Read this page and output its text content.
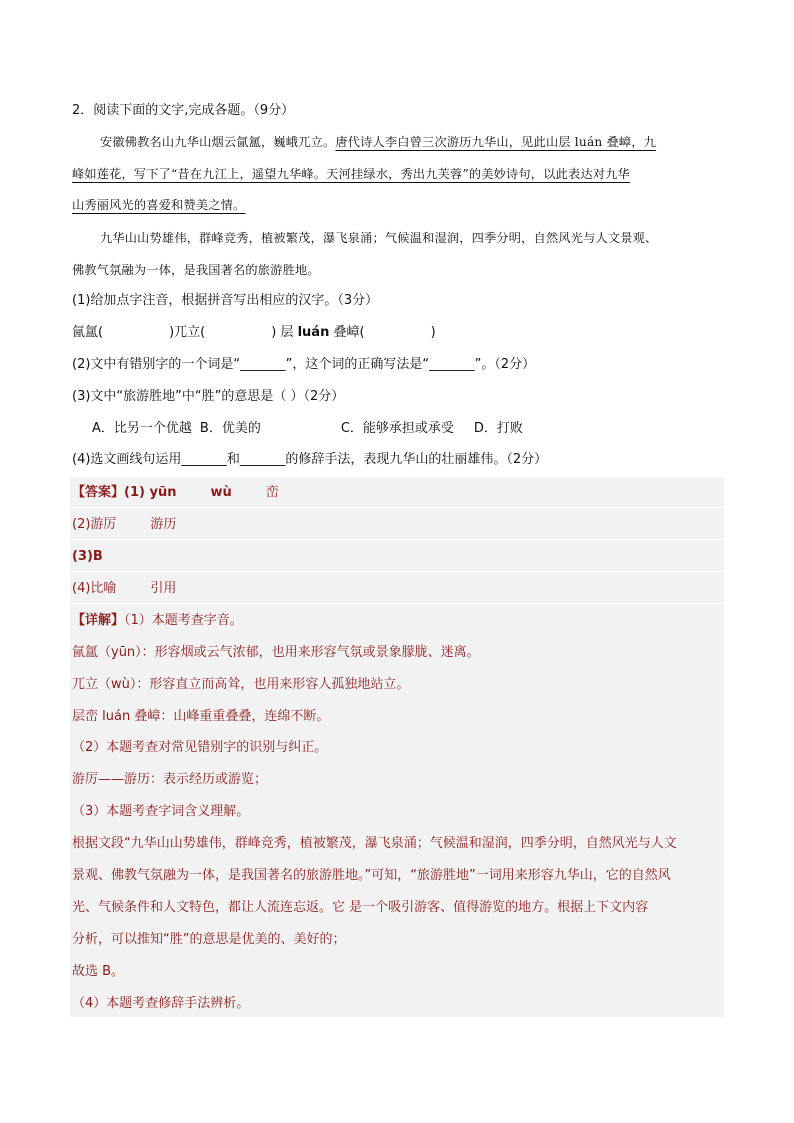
2．阅读下面的文字,完成各题。（9分）
安徽佛教名山九华山烟云氤氲，巍峨兀立。唐代诗人李白曾三次游历九华山，见此山层 luán 叠嶂，九
峰如莲花，写下了“昔在九江上，遥望九华峰。天河挂绿水，秀出九芙蓉”的美妙诗句，以此表达对九华
山秀丽风光的喜爱和赞美之情。
九华山山势雄伟，群峰竞秀，植被繁茂，瀑飞泉涌；气候温和湿润，四季分明，自然风光与人文景观、
佛教气氛融为一体，是我国著名的旅游胜地。
(1)给加点字注音，根据拼音写出相应的汉字。（3分）
氤氲(	)兀立(	) 层 luán 叠嶂(	)
(2)文中有错别字的一个词是“_______”，这个词的正确写法是“_______”。（2分）
(3)文中“旅游胜地”中“胜”的意思是（ ）（2分）
A．比另一个优越 B．优美的	C．能够承担或承受 D．打败
(4)选文画线句运用_______和_______的修辞手法，表现九华山的壮丽雄伟。（2分）
【答案】(1) yūn	wù	峦
(2)游厉	游历
(3)B
(4)比喻	引用
【详解】（1）本题考查字音。
氤氲（yūn）：形容烟或云气浓郁，也用来形容气氛或景象朦胧、迷离。
兀立（wù）：形容直立而高耸，也用来形容人孤独地站立。
层峦 luán 叠嶂：山峰重重叠叠，连绵不断。
（2）本题考查对常见错别字的识别与纠正。
游厉——游历：表示经历或游览；
（3）本题考查字词含义理解。
根据文段“九华山山势雄伟，群峰竞秀，植被繁茂，瀑飞泉涌；气候温和湿润，四季分明，自然风光与人文
景观、佛教气氛融为一体，是我国著名的旅游胜地。”可知，“旅游胜地”一词用来形容九华山，它的自然风
光、气候条件和人文特色，都让人流连忘返。它 是一个吸引游客、值得游览的地方。根据上下文内容
分析，可以推知“胜”的意思是优美的、美好的；
故选 B。
（4）本题考查修辞手法辨析。
